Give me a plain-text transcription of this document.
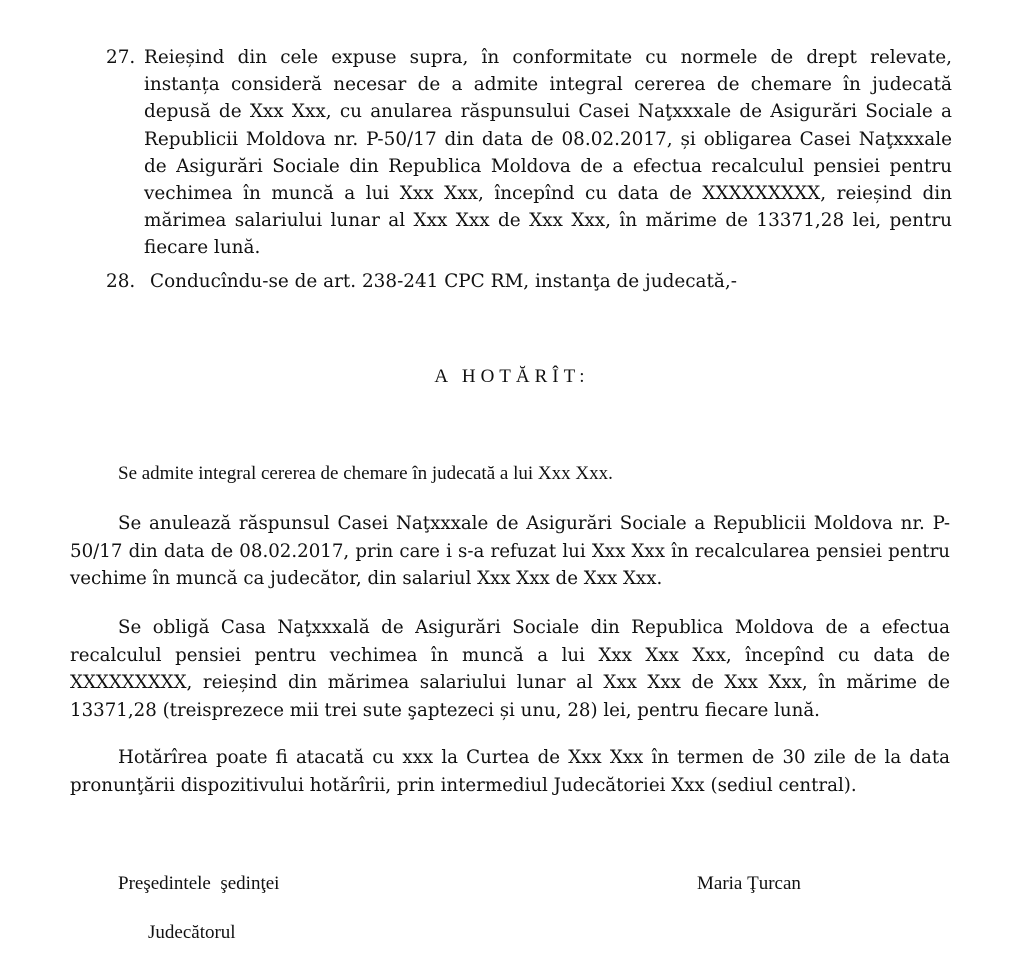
27. Reieșind din cele expuse supra, în conformitate cu normele de drept relevate, instanța consideră necesar de a admite integral cererea de chemare în judecată depusă de Xxx Xxx, cu anularea răspunsului Casei Naţxxxale de Asigurări Sociale a Republicii Moldova nr. P-50/17 din data de 08.02.2017, și obligarea Casei Naţxxxale de Asigurări Sociale din Republica Moldova de a efectua recalculul pensiei pentru vechimea în muncă a lui Xxx Xxx, începînd cu data de XXXXXXXXX, reieșind din mărimea salariului lunar al Xxx Xxx de Xxx Xxx, în mărime de 13371,28 lei, pentru fiecare lună.
28. Conducîndu-se de art. 238-241 CPC RM, instanţa de judecată,-
A HOTĂRÎT:
Se admite integral cererea de chemare în judecată a lui Xxx Xxx.
Se anulează răspunsul Casei Naţxxxale de Asigurări Sociale a Republicii Moldova nr. P-50/17 din data de 08.02.2017, prin care i s-a refuzat lui Xxx Xxx în recalcularea pensiei pentru vechime în muncă ca judecător, din salariul Xxx Xxx de Xxx Xxx.
Se obligă Casa Naţxxxală de Asigurări Sociale din Republica Moldova de a efectua recalculul pensiei pentru vechimea în muncă a lui Xxx Xxx Xxx, începînd cu data de XXXXXXXXX, reieșind din mărimea salariului lunar al Xxx Xxx de Xxx Xxx, în mărime de 13371,28 (treisprezece mii trei sute şaptezeci și unu, 28) lei, pentru fiecare lună.
Hotărîrea poate fi atacată cu xxx la Curtea de Xxx Xxx în termen de 30 zile de la data pronunţării dispozitivului hotărîrii, prin intermediul Judecătoriei Xxx (sediul central).
Preşedintele  şedinţei	Maria Ţurcan
Judecătorul
